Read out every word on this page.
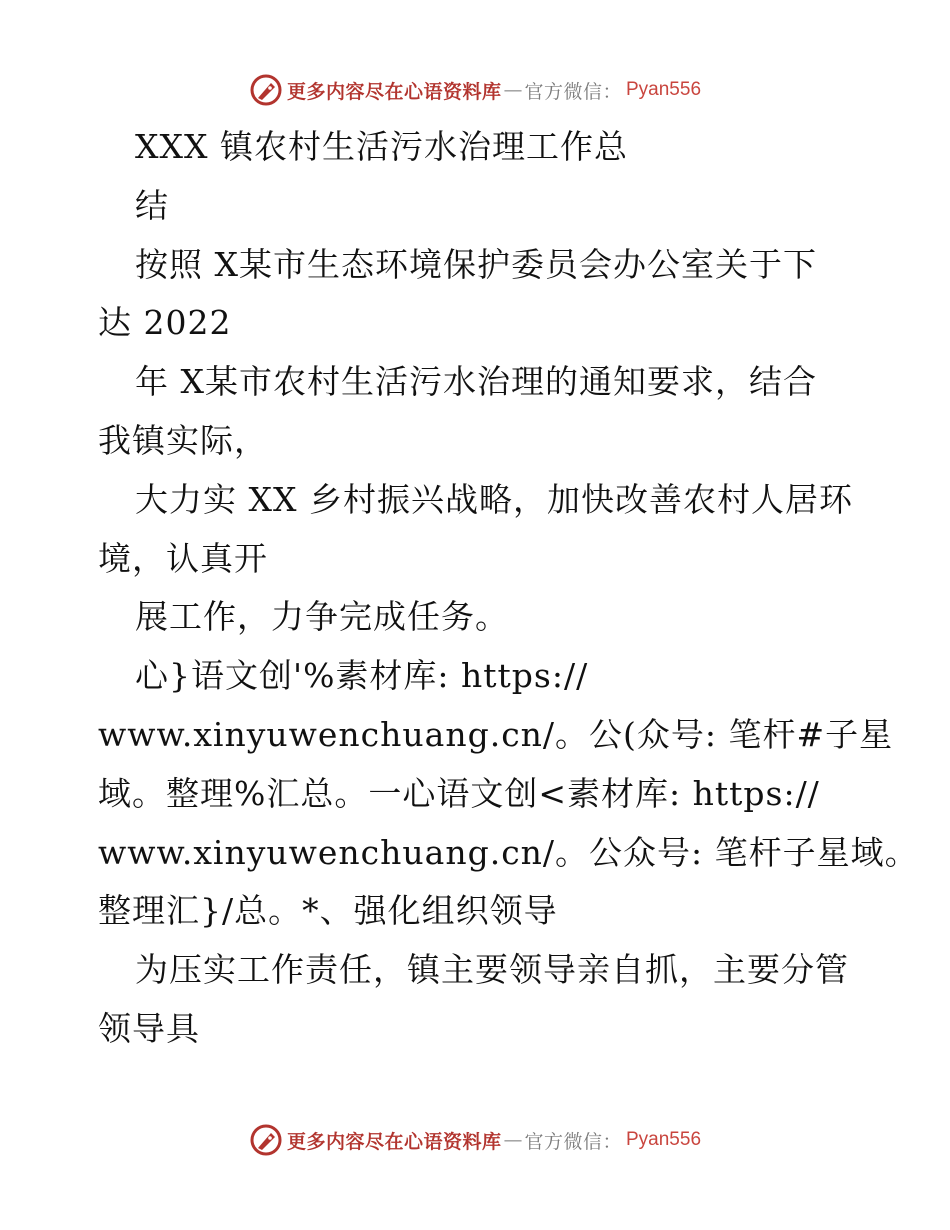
更多内容尽在心语资料库 — 官方微信： Pyan556
XXX 镇农村生活污水治理工作总
结
按照 X某市生态环境保护委员会办公室关于下
达 2022
年 X某市农村生活污水治理的通知要求，结合
我镇实际，
大力实 XX 乡村振兴战略，加快改善农村人居环
境，认真开
展工作，力争完成任务。
心}语文创'%素材库: https://
www.xinyuwenchuang.cn/。公(众号: 笔杆#子星
域。整理%汇总。一心语文创<素材库: https://
www.xinyuwenchuang.cn/。公众号: 笔杆子星域。
整理汇}/总。*、强化组织领导
为压实工作责任，镇主要领导亲自抓，主要分管
领导具
更多内容尽在心语资料库 — 官方微信： Pyan556
